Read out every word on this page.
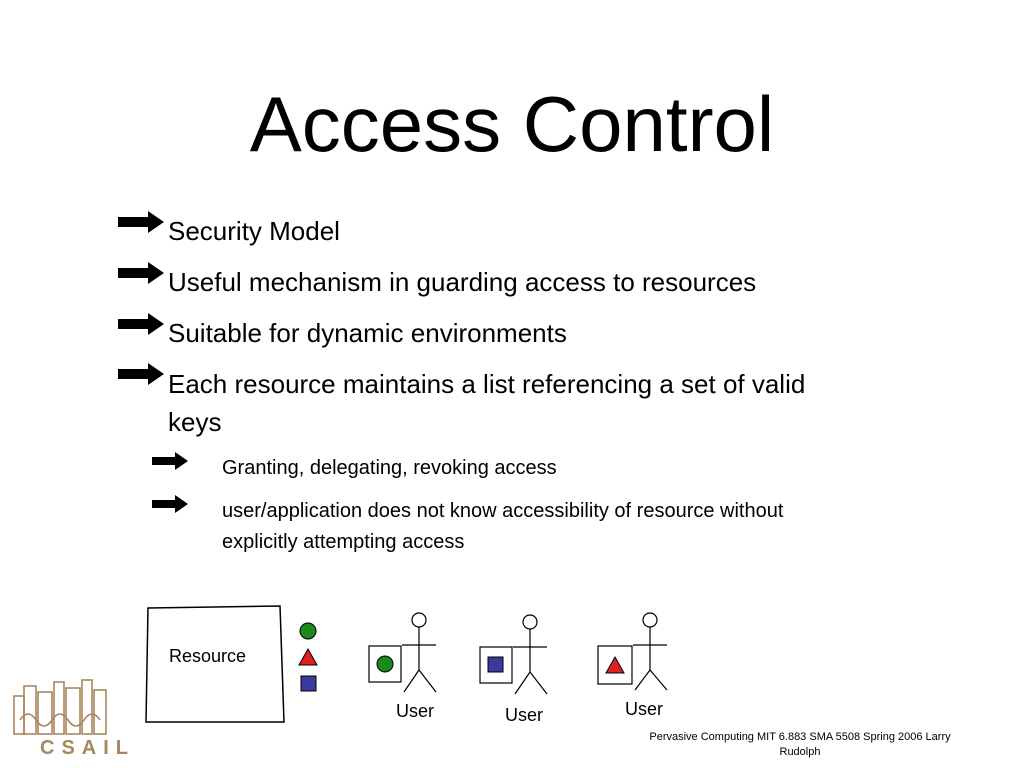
Access Control
Security Model
Useful mechanism in guarding access to resources
Suitable for dynamic environments
Each resource maintains a list referencing a set of valid
keys
Granting, delegating, revoking access
user/application does not know accessibility of resource without
explicitly attempting access
Resource
User	User	User
CSAIL	Pervasive Computing MIT 6.883 SMA 5508 Spring 2006 Larry
Rudolph
